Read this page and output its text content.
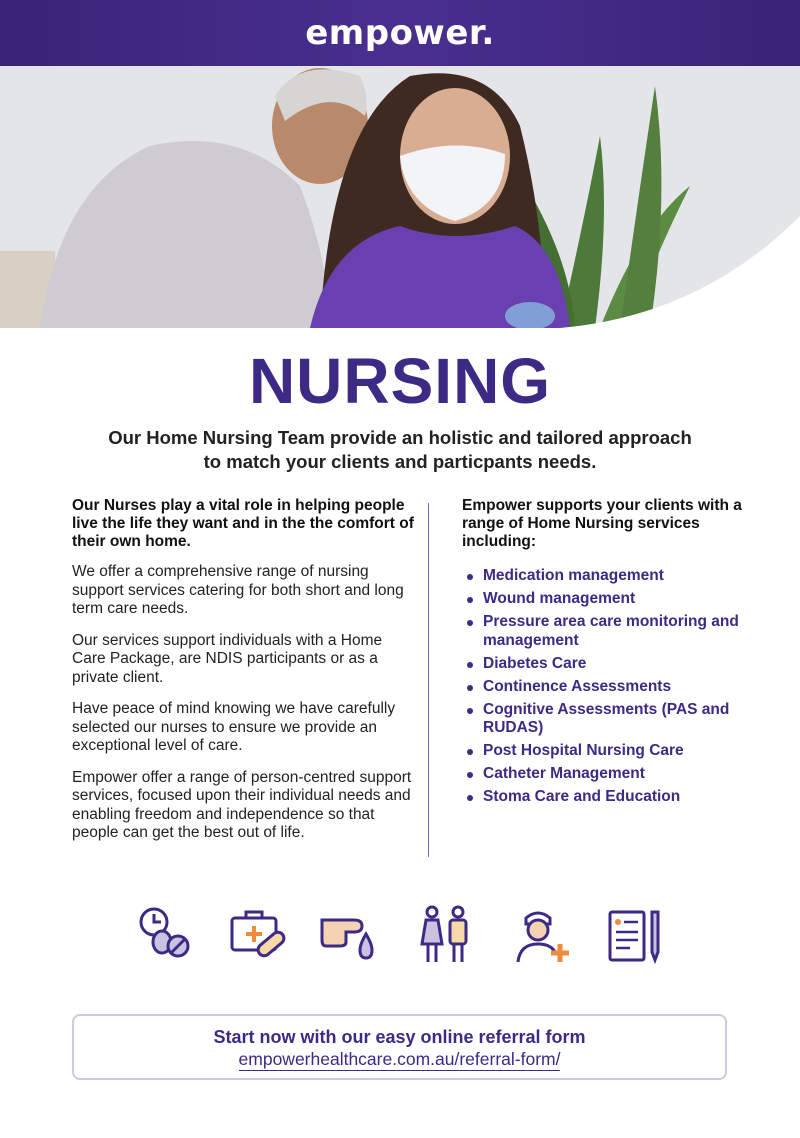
empower.
NURSING
Our Home Nursing Team provide an holistic and tailored approach to match your clients and particpants needs.

Our Nurses play a vital role in helping people live the life they want and in the the comfort of their own home.

We offer a comprehensive range of nursing support services catering for both short and long term care needs.

Our services support individuals with a Home Care Package, are NDIS participants or as a private client.

Have peace of mind knowing we have carefully selected our nurses to ensure we provide an exceptional level of care.

Empower offer a range of person-centred support services, focused upon their individual needs and enabling freedom and independence so that people can get the best out of life.

Empower supports your clients with a range of Home Nursing services including:

Medication management
Wound management
Pressure area care monitoring and management
Diabetes Care
Continence Assessments
Cognitive Assessments (PAS and RUDAS)
Post Hospital Nursing Care
Catheter Management
Stoma Care and Education
Start now with our easy online referral form
empowerhealthcare.com.au/referral-form/
